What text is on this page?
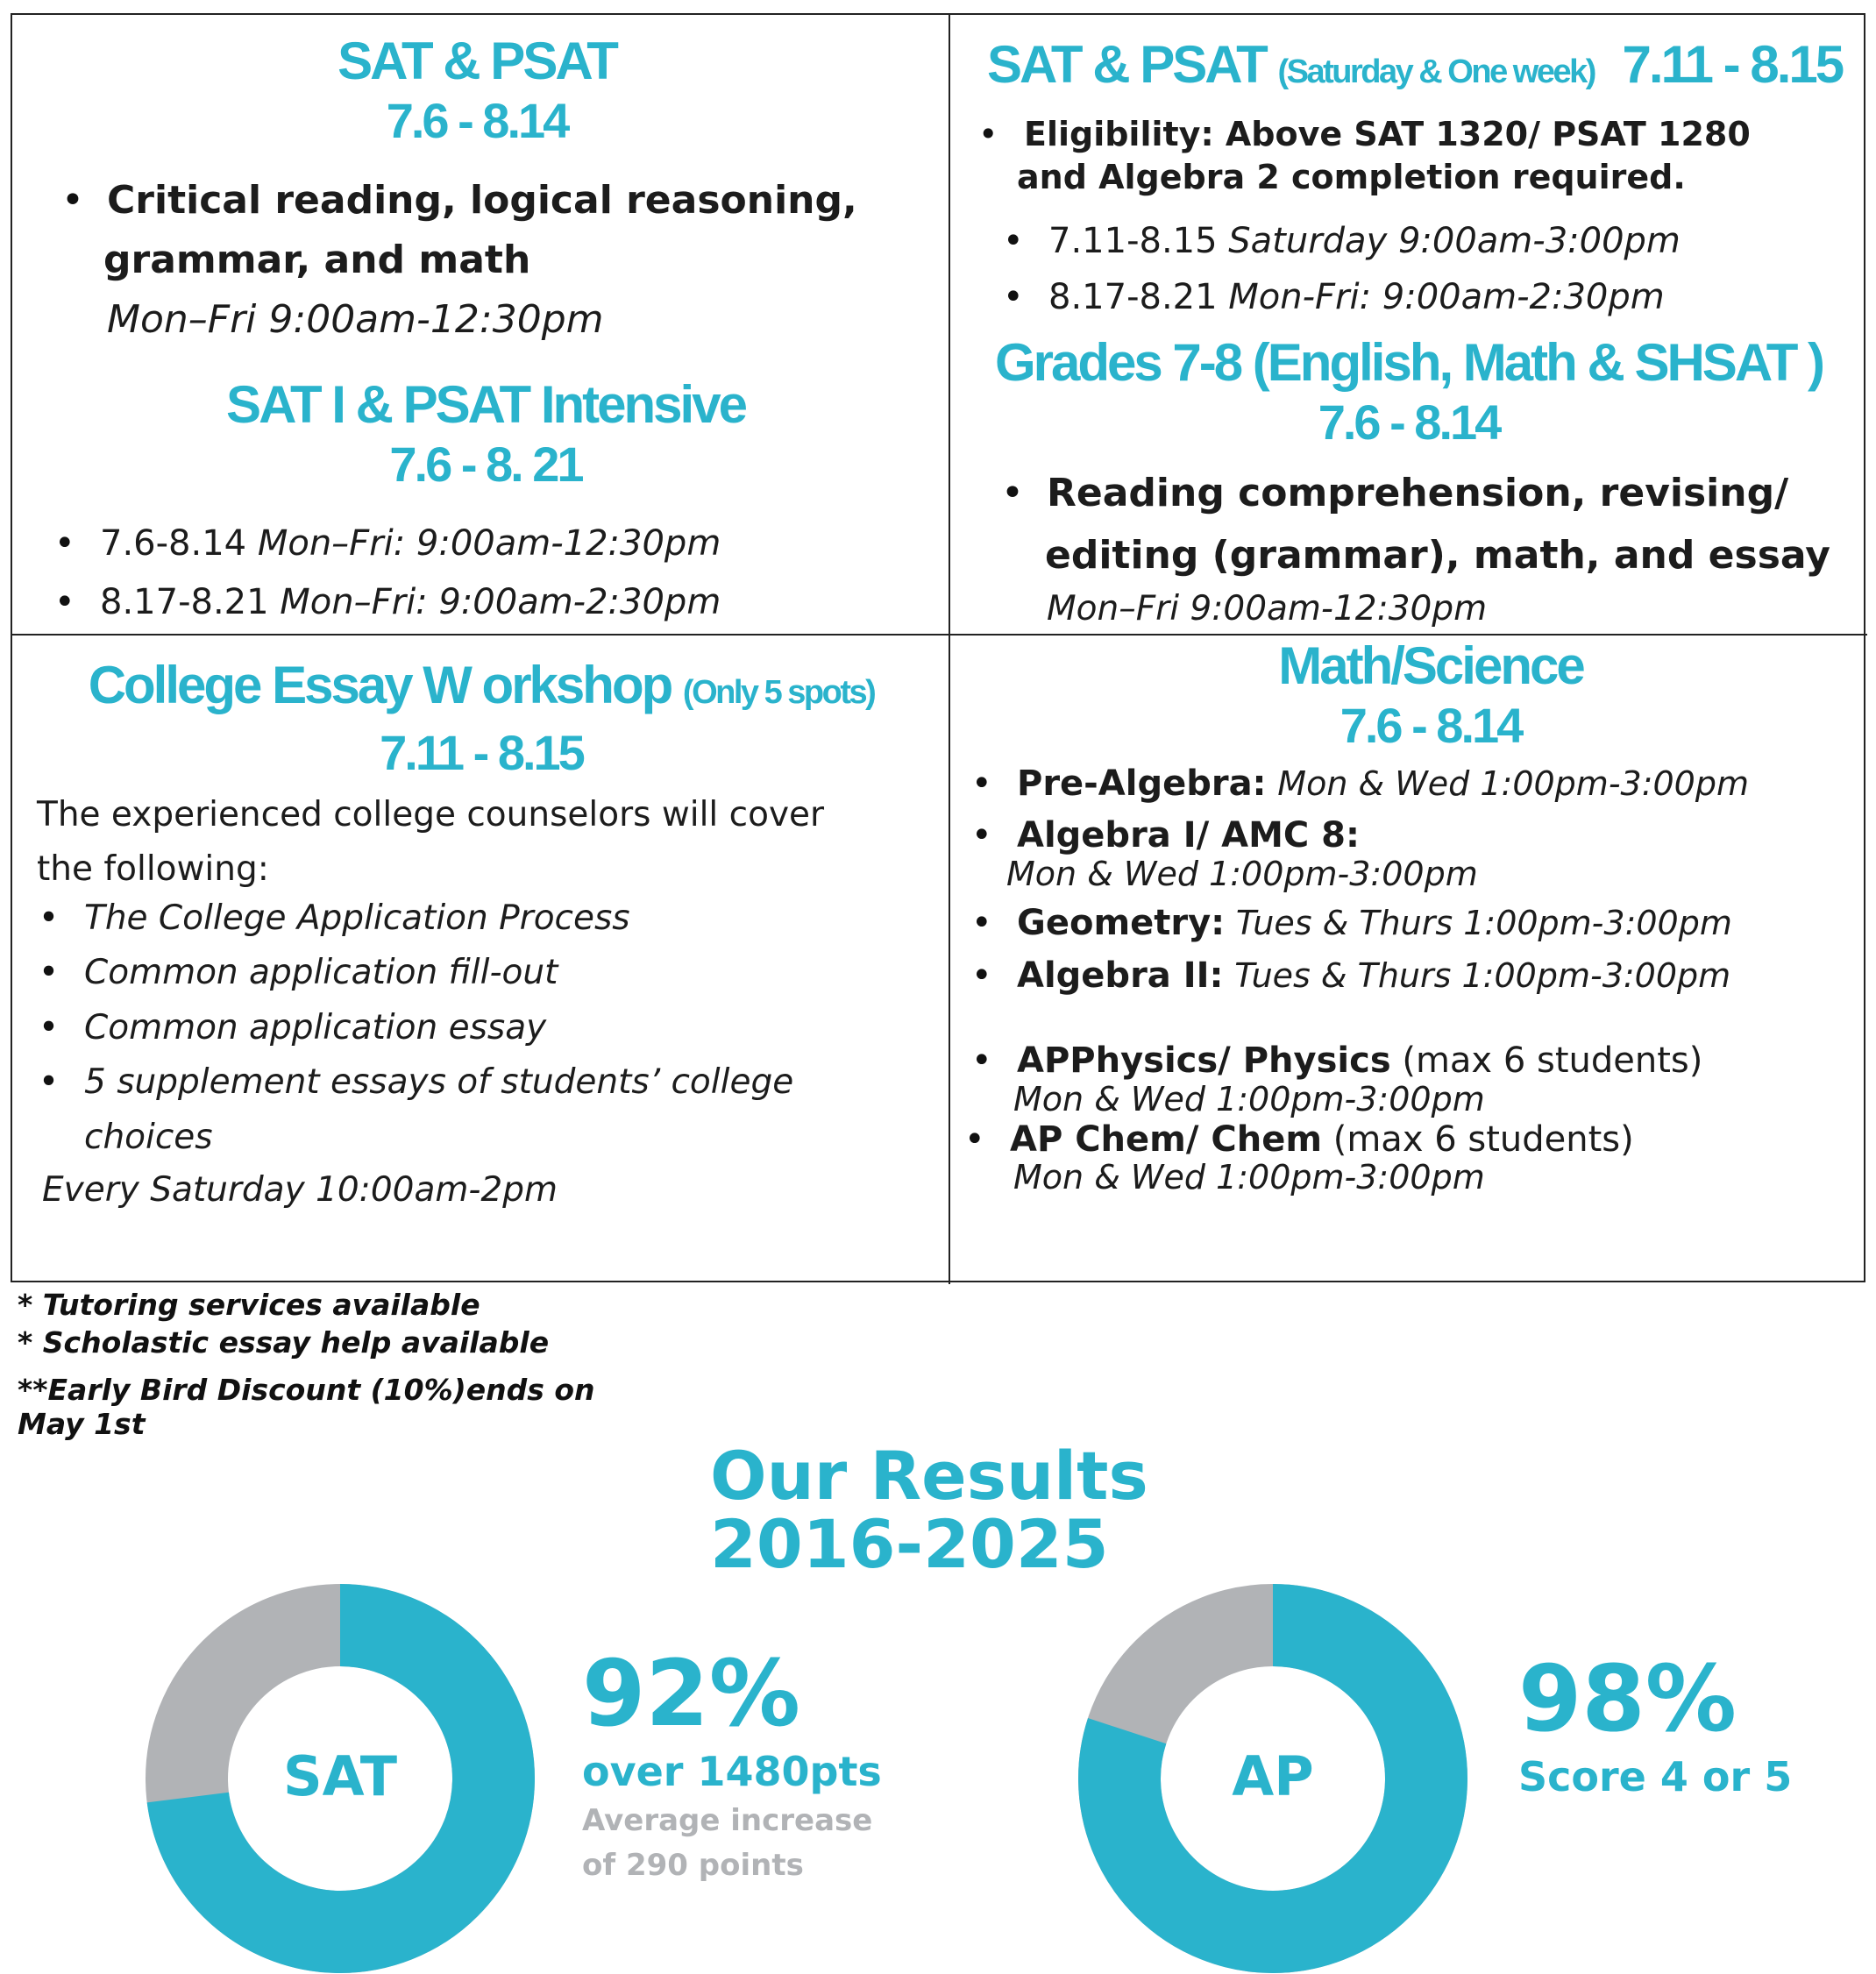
SAT & PSAT

7.6 - 8.14

• Critical reading, logical reasoning,
grammar, and math
Mon–Fri 9:00am-12:30pm

SAT I & PSAT Intensive

7.6 - 8. 21

• 7.6-8.14 Mon–Fri: 9:00am-12:30pm
• 8.17-8.21 Mon–Fri: 9:00am-2:30pm
SAT & PSAT (Saturday & One week) 7.11 - 8.15
• Eligibility: Above SAT 1320/ PSAT 1280
and Algebra 2 completion required.
• 7.11-8.15 Saturday 9:00am-3:00pm
• 8.17-8.21 Mon-Fri: 9:00am-2:30pm

Grades 7-8 (English, Math & SHSAT )

7.6 - 8.14

• Reading comprehension, revising/
editing (grammar), math, and essay
Mon–Fri 9:00am-12:30pm
College Essay W orkshop (Only 5 spots)

7.11 - 8.15

The experienced college counselors will cover
the following:
• The College Application Process
• Common application fill-out
• Common application essay
• 5 supplement essays of students’ college
choices
Every Saturday 10:00am-2pm

Math/Science

7.6 - 8.14

• Pre-Algebra: Mon & Wed 1:00pm-3:00pm
• Algebra I/ AMC 8:
Mon & Wed 1:00pm-3:00pm
• Geometry: Tues & Thurs 1:00pm-3:00pm
• Algebra II: Tues & Thurs 1:00pm-3:00pm
• APPhysics/ Physics (max 6 students)
Mon & Wed 1:00pm-3:00pm
• AP Chem/ Chem (max 6 students)
Mon & Wed 1:00pm-3:00pm
* Tutoring services available
* Scholastic essay help available
**Early Bird Discount (10%)ends on
May 1st
Our Results
2016-2025
SAT
92%
over 1480pts
Average increase
of 290 points
AP
98%
Score 4 or 5
